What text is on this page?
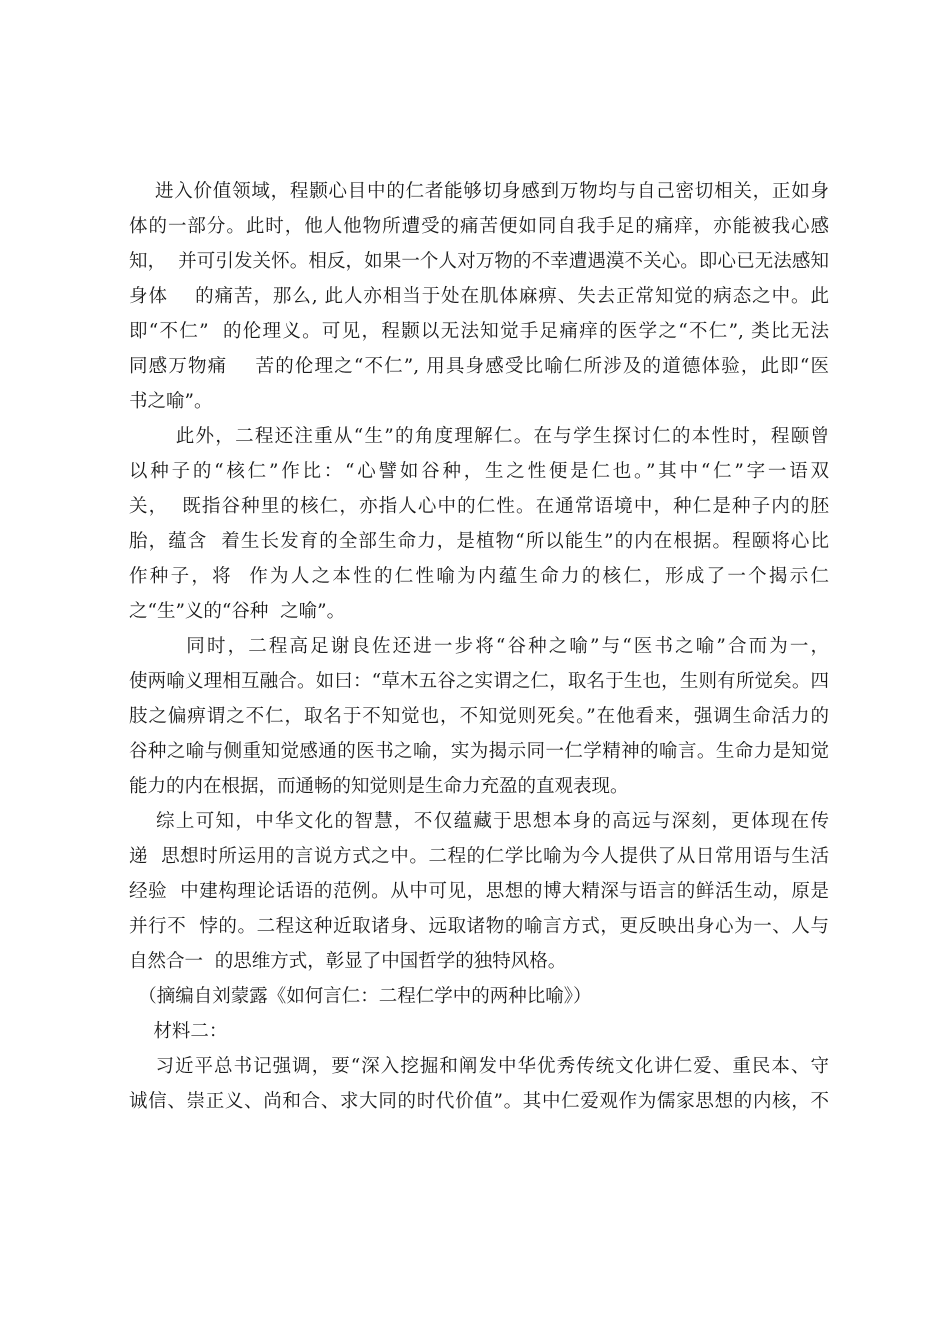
　 进入价值领域，程颢心目中的仁者能够切身感到万物均与自己密切相关，正如身
体的一部分。此时，他人他物所遭受的痛苦便如同自我手足的痛痒，亦能被我心感
知，  并可引发关怀。相反，如果一个人对万物的不幸遭遇漠不关心。即心已无法感知
身体    的痛苦，那么, 此人亦相当于处在肌体麻痹、失去正常知觉的病态之中。此
即“不仁”  的伦理义。可见，程颢以无法知觉手足痛痒的医学之“不仁”, 类比无法
同感万物痛    苦的伦理之“不仁”, 用具身感受比喻仁所涉及的道德体验，此即“医
书之喻”。
　　 此外，二程还注重从“生”的角度理解仁。在与学生探讨仁的本性时，程颐曾
以种子的“核仁”作比：“心譬如谷种，生之性便是仁也。”其中“仁”字一语双
关，  既指谷种里的核仁，亦指人心中的仁性。在通常语境中，种仁是种子内的胚
胎，蕴含  着生长发育的全部生命力，是植物“所以能生”的内在根据。程颐将心比
作种子，将  作为人之本性的仁性喻为内蕴生命力的核仁，形成了一个揭示仁
之“生”义的“谷种  之喻”。
　　  同时，二程高足谢良佐还进一步将“谷种之喻”与“医书之喻”合而为一，
使两喻义理相互融合。如曰：“草木五谷之实谓之仁，取名于生也，生则有所觉矣。四
肢之偏痹谓之不仁，取名于不知觉也，不知觉则死矣。”在他看来，强调生命活力的
谷种之喻与侧重知觉感通的医书之喻，实为揭示同一仁学精神的喻言。生命力是知觉
能力的内在根据，而通畅的知觉则是生命力充盈的直观表现。
　 综上可知，中华文化的智慧，不仅蕴藏于思想本身的高远与深刻，更体现在传
递  思想时所运用的言说方式之中。二程的仁学比喻为今人提供了从日常用语与生活
经验  中建构理论话语的范例。从中可见，思想的博大精深与语言的鲜活生动，原是
并行不  悖的。二程这种近取诸身、远取诸物的喻言方式，更反映出身心为一、人与
自然合一  的思维方式，彰显了中国哲学的独特风格。
　（摘编自刘蒙露《如何言仁：二程仁学中的两种比喻》）
　 材料二：
　 习近平总书记强调，要“深入挖掘和阐发中华优秀传统文化讲仁爱、重民本、守
诚信、崇正义、尚和合、求大同的时代价值”。其中仁爱观作为儒家思想的内核，不
